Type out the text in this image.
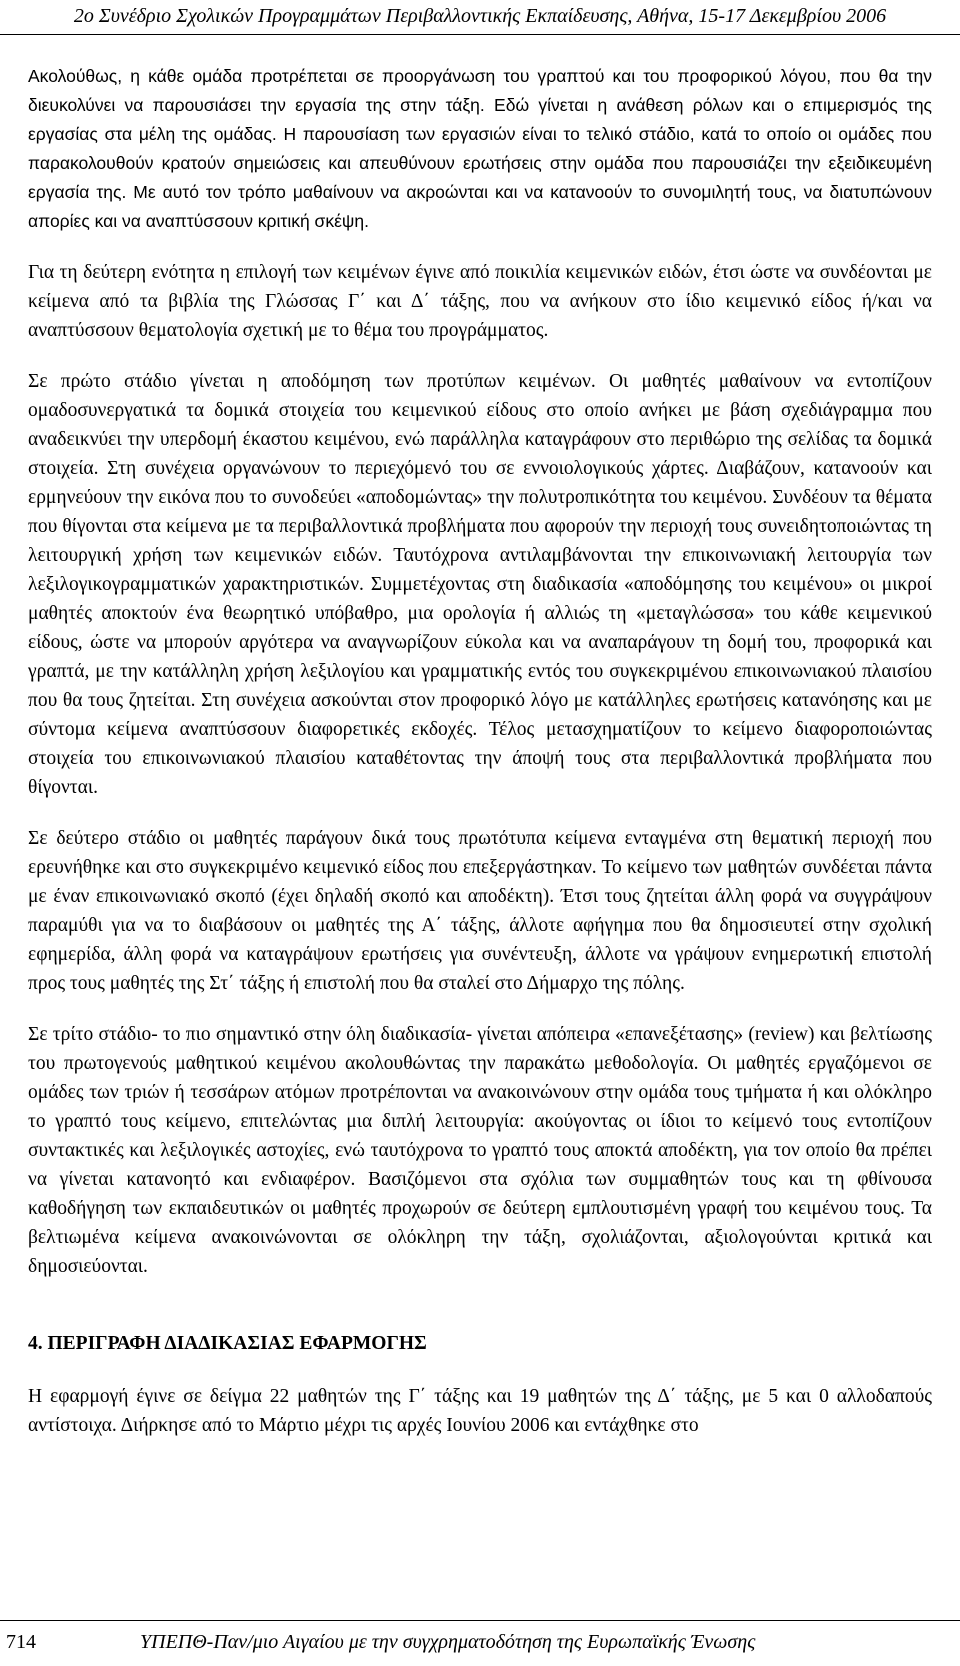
2ο Συνέδριο Σχολικών Προγραμμάτων Περιβαλλοντικής Εκπαίδευσης, Αθήνα, 15-17 Δεκεμβρίου 2006

Ακολούθως, η κάθε ομάδα προτρέπεται σε προοργάνωση του γραπτού και του προφορικού λόγου, που θα την διευκολύνει να παρουσιάσει την εργασία της στην τάξη. Εδώ γίνεται η ανάθεση ρόλων και ο επιμερισμός της εργασίας στα μέλη της ομάδας. Η παρουσίαση των εργασιών είναι το τελικό στάδιο, κατά το οποίο οι ομάδες που παρακολουθούν κρατούν σημειώσεις και απευθύνουν ερωτήσεις στην ομάδα που παρουσιάζει την εξειδικευμένη εργασία της. Με αυτό τον τρόπο μαθαίνουν να ακροώνται και να κατανοούν το συνομιλητή τους, να διατυπώνουν απορίες και να αναπτύσσουν κριτική σκέψη.

Για τη δεύτερη ενότητα η επιλογή των κειμένων έγινε από ποικιλία κειμενικών ειδών, έτσι ώστε να συνδέονται με κείμενα από τα βιβλία της Γλώσσας Γ΄ και Δ΄ τάξης, που να ανήκουν στο ίδιο κειμενικό είδος ή/και να αναπτύσσουν θεματολογία σχετική με το θέμα του προγράμματος.

Σε πρώτο στάδιο γίνεται η αποδόμηση των προτύπων κειμένων. Οι μαθητές μαθαίνουν να εντοπίζουν ομαδοσυνεργατικά τα δομικά στοιχεία του κειμενικού είδους στο οποίο ανήκει με βάση σχεδιάγραμμα που αναδεικνύει την υπερδομή έκαστου κειμένου, ενώ παράλληλα καταγράφουν στο περιθώριο της σελίδας τα δομικά στοιχεία. Στη συνέχεια οργανώνουν το περιεχόμενό του σε εννοιολογικούς χάρτες. Διαβάζουν, κατανοούν και ερμηνεύουν την εικόνα που το συνοδεύει «αποδομώντας» την πολυτροπικότητα του κειμένου. Συνδέουν τα θέματα που θίγονται στα κείμενα με τα περιβαλλοντικά προβλήματα που αφορούν την περιοχή τους συνειδητοποιώντας τη λειτουργική χρήση των κειμενικών ειδών. Ταυτόχρονα αντιλαμβάνονται την επικοινωνιακή λειτουργία των λεξιλογικογραμματικών χαρακτηριστικών. Συμμετέχοντας στη διαδικασία «αποδόμησης του κειμένου» οι μικροί μαθητές αποκτούν ένα θεωρητικό υπόβαθρο, μια ορολογία ή αλλιώς τη «μεταγλώσσα» του κάθε κειμενικού είδους, ώστε να μπορούν αργότερα να αναγνωρίζουν εύκολα και να αναπαράγουν τη δομή του, προφορικά και γραπτά, με την κατάλληλη χρήση λεξιλογίου και γραμματικής εντός του συγκεκριμένου επικοινωνιακού πλαισίου που θα τους ζητείται. Στη συνέχεια ασκούνται στον προφορικό λόγο με κατάλληλες ερωτήσεις κατανόησης και με σύντομα κείμενα αναπτύσσουν διαφορετικές εκδοχές. Τέλος μετασχηματίζουν το κείμενο διαφοροποιώντας στοιχεία του επικοινωνιακού πλαισίου καταθέτοντας την άποψή τους στα περιβαλλοντικά προβλήματα που θίγονται.

Σε δεύτερο στάδιο οι μαθητές παράγουν δικά τους πρωτότυπα κείμενα ενταγμένα στη θεματική περιοχή που ερευνήθηκε και στο συγκεκριμένο κειμενικό είδος που επεξεργάστηκαν. Το κείμενο των μαθητών συνδέεται πάντα με έναν επικοινωνιακό σκοπό (έχει δηλαδή σκοπό και αποδέκτη). Έτσι τους ζητείται άλλη φορά να συγγράψουν παραμύθι για να το διαβάσουν οι μαθητές της Α΄ τάξης, άλλοτε αφήγημα που θα δημοσιευτεί στην σχολική εφημερίδα, άλλη φορά να καταγράψουν ερωτήσεις για συνέντευξη, άλλοτε να γράψουν ενημερωτική επιστολή προς τους μαθητές της Στ΄ τάξης ή επιστολή που θα σταλεί στο Δήμαρχο της πόλης.

Σε τρίτο στάδιο- το πιο σημαντικό στην όλη διαδικασία- γίνεται απόπειρα «επανεξέτασης» (review) και βελτίωσης του πρωτογενούς μαθητικού κειμένου ακολουθώντας την παρακάτω μεθοδολογία. Οι μαθητές εργαζόμενοι σε ομάδες των τριών ή τεσσάρων ατόμων προτρέπονται να ανακοινώνουν στην ομάδα τους τμήματα ή και ολόκληρο το γραπτό τους κείμενο, επιτελώντας μια διπλή λειτουργία: ακούγοντας οι ίδιοι το κείμενό τους εντοπίζουν συντακτικές και λεξιλογικές αστοχίες, ενώ ταυτόχρονα το γραπτό τους αποκτά αποδέκτη, για τον οποίο θα πρέπει να γίνεται κατανοητό και ενδιαφέρον. Βασιζόμενοι στα σχόλια των συμμαθητών τους και τη φθίνουσα καθοδήγηση των εκπαιδευτικών οι μαθητές προχωρούν σε δεύτερη εμπλουτισμένη γραφή του κειμένου τους. Τα βελτιωμένα κείμενα ανακοινώνονται σε ολόκληρη την τάξη, σχολιάζονται, αξιολογούνται κριτικά και δημοσιεύονται.

4. ΠΕΡΙΓΡΑΦΗ ΔΙΑΔΙΚΑΣΙΑΣ ΕΦΑΡΜΟΓΗΣ

Η εφαρμογή έγινε σε δείγμα 22 μαθητών της Γ΄ τάξης και 19 μαθητών της Δ΄ τάξης, με 5 και 0 αλλοδαπούς αντίστοιχα. Διήρκησε από το Μάρτιο μέχρι τις αρχές Ιουνίου 2006 και εντάχθηκε στο

714	ΥΠΕΠΘ-Παν/μιο Αιγαίου με την συγχρηματοδότηση της Ευρωπαϊκής Ένωσης
